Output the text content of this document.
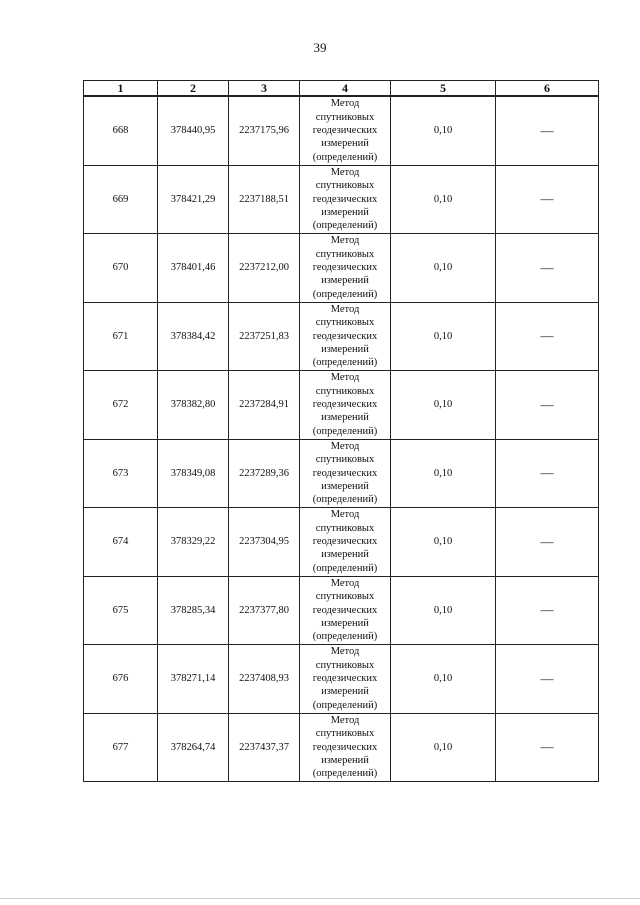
39
1	2	3	4	5	6
668	378440,95	2237175,96	Метод
спутниковых
геодезических
измерений
(определений)	0,10	—
669	378421,29	2237188,51	Метод
спутниковых
геодезических
измерений
(определений)	0,10	—
670	378401,46	2237212,00	Метод
спутниковых
геодезических
измерений
(определений)	0,10	—
671	378384,42	2237251,83	Метод
спутниковых
геодезических
измерений
(определений)	0,10	—
672	378382,80	2237284,91	Метод
спутниковых
геодезических
измерений
(определений)	0,10	—
673	378349,08	2237289,36	Метод
спутниковых
геодезических
измерений
(определений)	0,10	—
674	378329,22	2237304,95	Метод
спутниковых
геодезических
измерений
(определений)	0,10	—
675	378285,34	2237377,80	Метод
спутниковых
геодезических
измерений
(определений)	0,10	—
676	378271,14	2237408,93	Метод
спутниковых
геодезических
измерений
(определений)	0,10	—
677	378264,74	2237437,37	Метод
спутниковых
геодезических
измерений
(определений)	0,10	—
